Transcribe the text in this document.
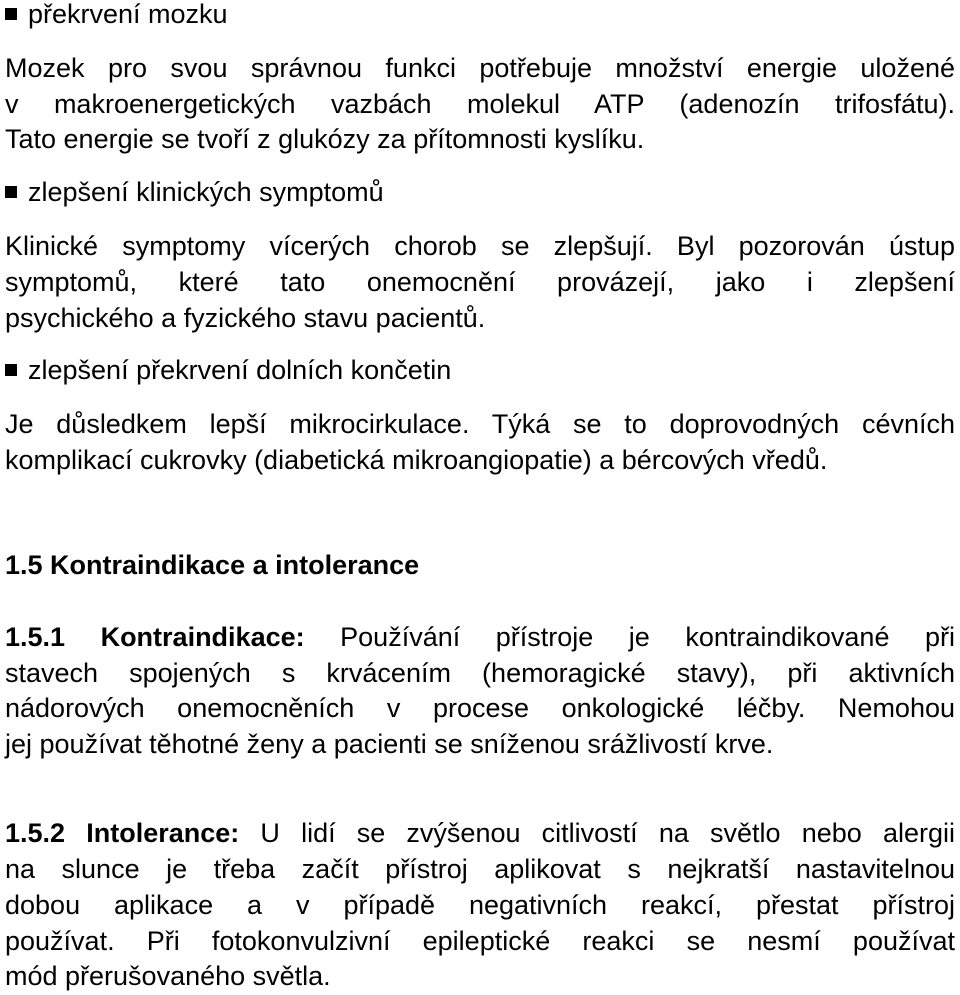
překrvení mozku
Mozek pro svou správnou funkci potřebuje množství energie uložené
v makroenergetických vazbách molekul ATP (adenozín trifosfátu).
Tato energie se tvoří z glukózy za přítomnosti kyslíku.
zlepšení klinických symptomů
Klinické symptomy vícerých chorob se zlepšují. Byl pozorován ústup
symptomů, které tato onemocnění provázejí, jako i zlepšení
psychického a fyzického stavu pacientů.
zlepšení překrvení dolních končetin
Je důsledkem lepší mikrocirkulace. Týká se to doprovodných cévních
komplikací cukrovky (diabetická mikroangiopatie) a bércových vředů.
1.5 Kontraindikace a intolerance
1.5.1 Kontraindikace: Používání přístroje je kontraindikované při
stavech spojených s krvácením (hemoragické stavy), při aktivních
nádorových onemocněních v procese onkologické léčby. Nemohou
jej používat těhotné ženy a pacienti se sníženou srážlivostí krve.
1.5.2 Intolerance: U lidí se zvýšenou citlivostí na světlo nebo alergii
na slunce je třeba začít přístroj aplikovat s nejkratší nastavitelnou
dobou aplikace a v případě negativních reakcí, přestat přístroj
používat. Při fotokonvulzivní epileptické reakci se nesmí používat
mód přerušovaného světla.
